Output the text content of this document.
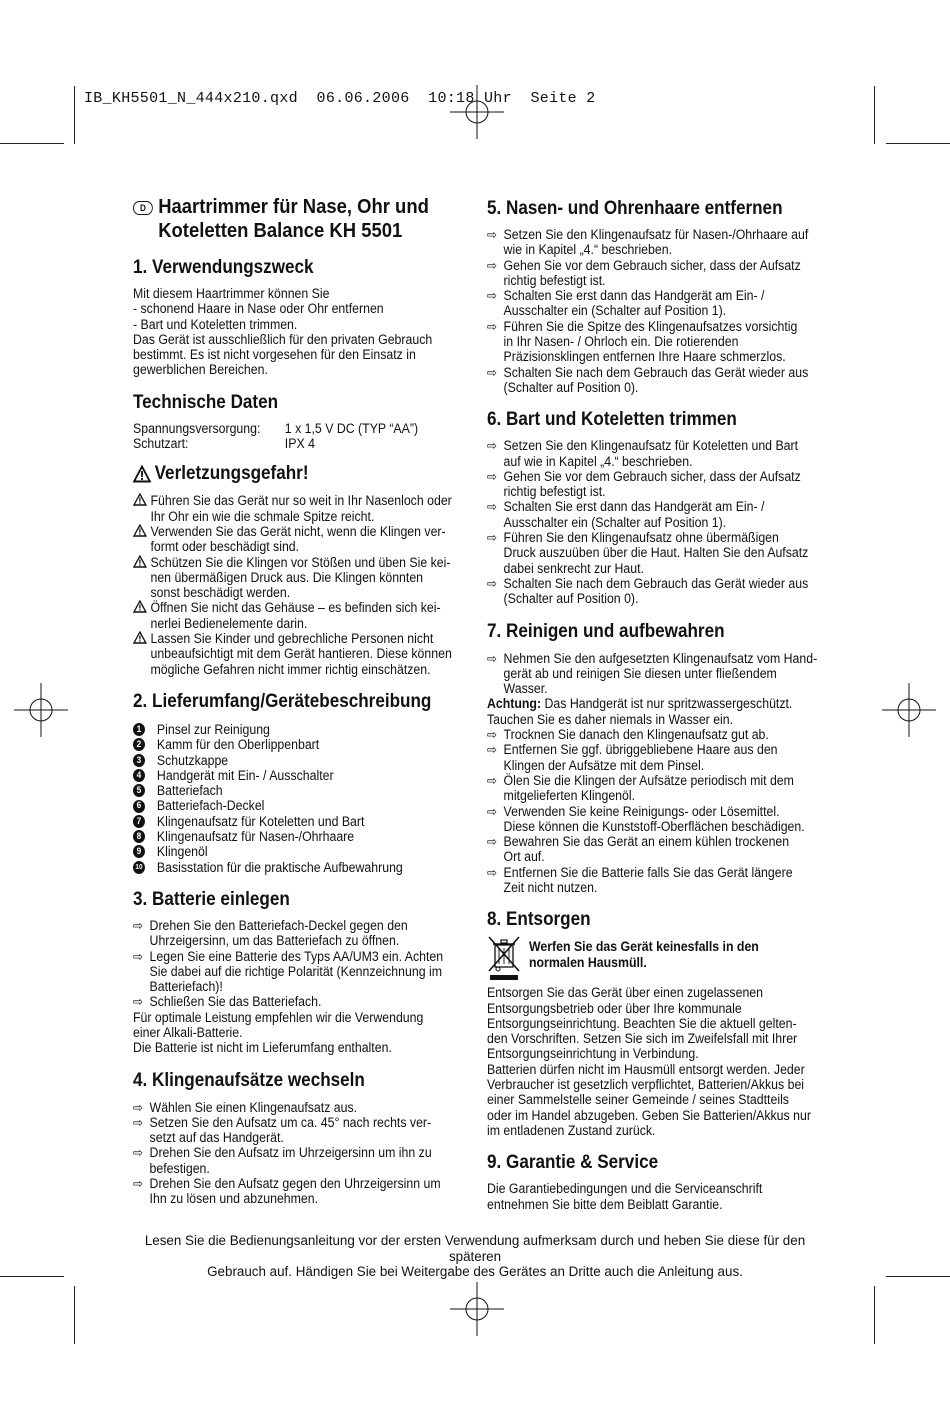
IB_KH5501_N_444x210.qxd  06.06.2006  10:18 Uhr  Seite 2
D Haartrimmer für Nase, Ohr und
Koteletten Balance KH 5501
1. Verwendungszweck
Mit diesem Haartrimmer können Sie
- schonend Haare in Nase oder Ohr entfernen
- Bart und Koteletten trimmen.
Das Gerät ist ausschließlich für den privaten Gebrauch
bestimmt. Es ist nicht vorgesehen für den Einsatz in
gewerblichen Bereichen.
Technische Daten
Spannungsversorgung:	1 x 1,5 V DC (TYP “AA”)
Schutzart:	IPX 4
Verletzungsgefahr!
Führen Sie das Gerät nur so weit in Ihr Nasenloch oder
Ihr Ohr ein wie die schmale Spitze reicht.
Verwenden Sie das Gerät nicht, wenn die Klingen ver-
formt oder beschädigt sind.
Schützen Sie die Klingen vor Stößen und üben Sie kei-
nen übermäßigen Druck aus. Die Klingen könnten
sonst beschädigt werden.
Öffnen Sie nicht das Gehäuse – es befinden sich kei-
nerlei Bedienelemente darin.
Lassen Sie Kinder und gebrechliche Personen nicht
unbeaufsichtigt mit dem Gerät hantieren. Diese können
mögliche Gefahren nicht immer richtig einschätzen.
2. Lieferumfang/Gerätebeschreibung
1 Pinsel zur Reinigung
2 Kamm für den Oberlippenbart
3 Schutzkappe
4 Handgerät mit Ein- / Ausschalter
5 Batteriefach
6 Batteriefach-Deckel
7 Klingenaufsatz für Koteletten und Bart
8 Klingenaufsatz für Nasen-/Ohrhaare
9 Klingenöl
10 Basisstation für die praktische Aufbewahrung
3. Batterie einlegen
⇨ Drehen Sie den Batteriefach-Deckel gegen den
Uhrzeigersinn, um das Batteriefach zu öffnen.
⇨ Legen Sie eine Batterie des Typs AA/UM3 ein. Achten
Sie dabei auf die richtige Polarität (Kennzeichnung im
Batteriefach)!
⇨ Schließen Sie das Batteriefach.
Für optimale Leistung empfehlen wir die Verwendung
einer Alkali-Batterie.
Die Batterie ist nicht im Lieferumfang enthalten.
4. Klingenaufsätze wechseln
⇨ Wählen Sie einen Klingenaufsatz aus.
⇨ Setzen Sie den Aufsatz um ca. 45° nach rechts ver-
setzt auf das Handgerät.
⇨ Drehen Sie den Aufsatz im Uhrzeigersinn um ihn zu
befestigen.
⇨ Drehen Sie den Aufsatz gegen den Uhrzeigersinn um
Ihn zu lösen und abzunehmen.
5. Nasen- und Ohrenhaare entfernen
⇨ Setzen Sie den Klingenaufsatz für Nasen-/Ohrhaare auf
wie in Kapitel „4.“ beschrieben.
⇨ Gehen Sie vor dem Gebrauch sicher, dass der Aufsatz
richtig befestigt ist.
⇨ Schalten Sie erst dann das Handgerät am Ein- /
Ausschalter ein (Schalter auf Position 1).
⇨ Führen Sie die Spitze des Klingenaufsatzes vorsichtig
in Ihr Nasen- / Ohrloch ein. Die rotierenden
Präzisionsklingen entfernen Ihre Haare schmerzlos.
⇨ Schalten Sie nach dem Gebrauch das Gerät wieder aus
(Schalter auf Position 0).
6. Bart und Koteletten trimmen
⇨ Setzen Sie den Klingenaufsatz für Koteletten und Bart
auf wie in Kapitel „4.“ beschrieben.
⇨ Gehen Sie vor dem Gebrauch sicher, dass der Aufsatz
richtig befestigt ist.
⇨ Schalten Sie erst dann das Handgerät am Ein- /
Ausschalter ein (Schalter auf Position 1).
⇨ Führen Sie den Klingenaufsatz ohne übermäßigen
Druck auszuüben über die Haut. Halten Sie den Aufsatz
dabei senkrecht zur Haut.
⇨ Schalten Sie nach dem Gebrauch das Gerät wieder aus
(Schalter auf Position 0).
7. Reinigen und aufbewahren
⇨ Nehmen Sie den aufgesetzten Klingenaufsatz vom Hand-
gerät ab und reinigen Sie diesen unter fließendem Wasser.
Achtung: Das Handgerät ist nur spritzwassergeschützt.
Tauchen Sie es daher niemals in Wasser ein.
⇨ Trocknen Sie danach den Klingenaufsatz gut ab.
⇨ Entfernen Sie ggf. übriggebliebene Haare aus den
Klingen der Aufsätze mit dem Pinsel.
⇨ Ölen Sie die Klingen der Aufsätze periodisch mit dem
mitgelieferten Klingenöl.
⇨ Verwenden Sie keine Reinigungs- oder Lösemittel.
Diese können die Kunststoff-Oberflächen beschädigen.
⇨ Bewahren Sie das Gerät an einem kühlen trockenen
Ort auf.
⇨ Entfernen Sie die Batterie falls Sie das Gerät längere
Zeit nicht nutzen.
8. Entsorgen
Werfen Sie das Gerät keinesfalls in den
normalen Hausmüll.
Entsorgen Sie das Gerät über einen zugelassenen
Entsorgungsbetrieb oder über Ihre kommunale
Entsorgungseinrichtung. Beachten Sie die aktuell gelten-
den Vorschriften. Setzen Sie sich im Zweifelsfall mit Ihrer
Entsorgungseinrichtung in Verbindung.
Batterien dürfen nicht im Hausmüll entsorgt werden. Jeder
Verbraucher ist gesetzlich verpflichtet, Batterien/Akkus bei
einer Sammelstelle seiner Gemeinde / seines Stadtteils
oder im Handel abzugeben. Geben Sie Batterien/Akkus nur
im entladenen Zustand zurück.
9. Garantie & Service
Die Garantiebedingungen und die Serviceanschrift
entnehmen Sie bitte dem Beiblatt Garantie.
Lesen Sie die Bedienungsanleitung vor der ersten Verwendung aufmerksam durch und heben Sie diese für den späteren
Gebrauch auf. Händigen Sie bei Weitergabe des Gerätes an Dritte auch die Anleitung aus.
